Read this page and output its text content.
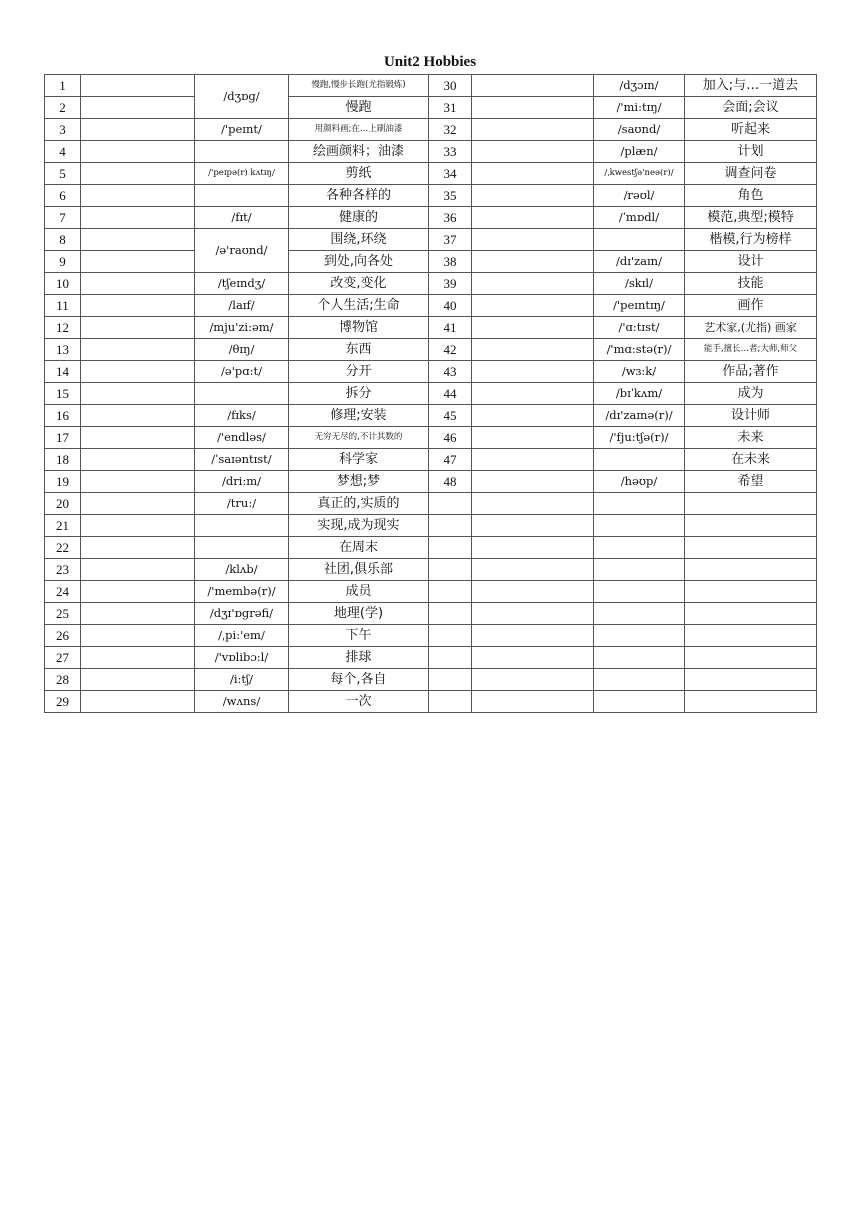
Unit2 Hobbies
1		/dʒɒg/	慢跑,慢步长跑(尤指锻炼)	30		/dʒɔɪn/	加入;与…一道去
2			慢跑	31		/'mi:tɪŋ/	会面;会议
3		/'peɪnt/	用颜料画;在…上刷油漆	32		/saʊnd/	听起来
4			绘画颜料；油漆	33		/plæn/	计划
5		/'peɪpə(r) kʌtɪŋ/	剪纸	34		/ˌkwestʃə'neə(r)/	调查问卷
6			各种各样的	35		/rəʊl/	角色
7		/fɪt/	健康的	36		/ˈmɒdl/	模范,典型;模特
8		/ə'raʊnd/	围绕,环绕	37			楷模,行为榜样
9			到处,向各处	38		/dɪ'zaɪn/	设计
10		/tʃeɪndʒ/	改变,变化	39		/skɪl/	技能
11		/laɪf/	个人生活;生命	40		/'peɪntɪŋ/	画作
12		/mju'zi:əm/	博物馆	41		/'ɑ:tɪst/	艺术家,(尤指) 画家
13		/θɪŋ/	东西	42		/'mɑ:stə(r)/	能手,擅长…者;大师,师父
14		/ə'pɑ:t/	分开	43		/wɜ:k/	作品;著作
15			拆分	44		/bɪˈkʌm/	成为
16		/fɪks/	修理;安装	45		/dɪ'zaɪnə(r)/	设计师
17		/'endləs/	无穷无尽的,不计其数的	46		/'fju:tʃə(r)/	未来
18		/ˈsaɪəntɪst/	科学家	47			在未来
19		/dri:m/	梦想;梦	48		/həʊp/	希望
20		/tru:/	真正的,实质的				
21			实现,成为现实				
22			在周末				
23		/klʌb/	社团,俱乐部				
24		/'membə(r)/	成员				
25		/dʒɪ'ɒgrəfi/	地理(学)				
26		/ˌpi:'em/	下午				
27		/'vɒlibɔ:l/	排球				
28		/i:tʃ/	每个,各自				
29		/wʌns/	一次				
